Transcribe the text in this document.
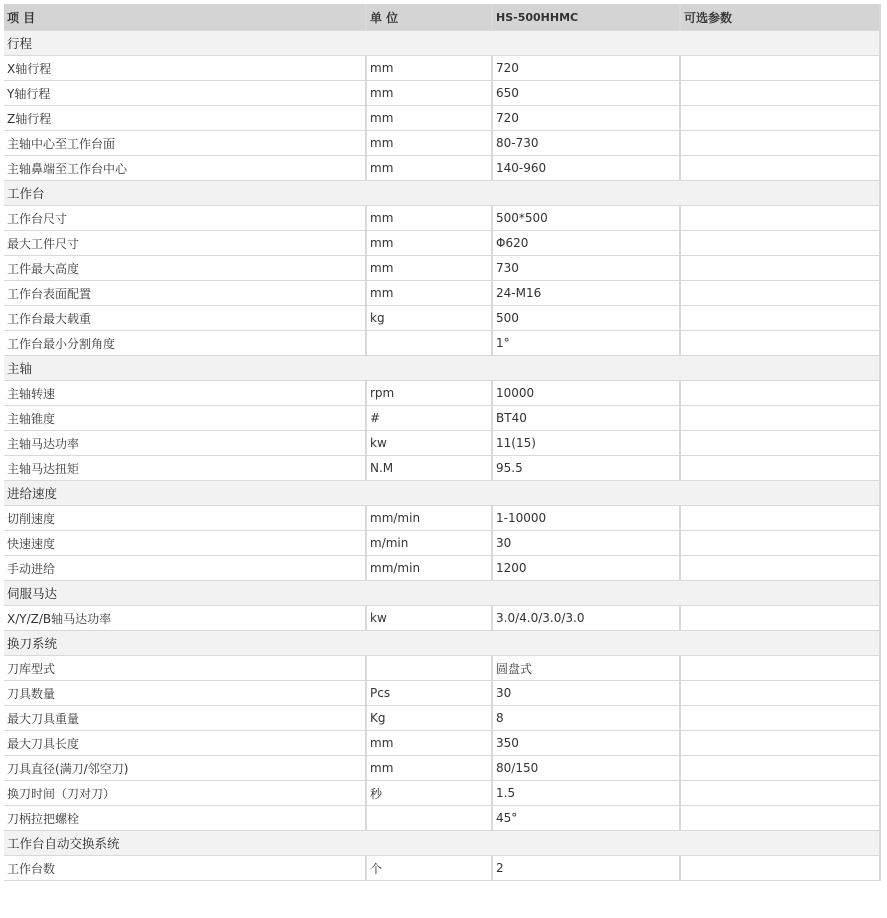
项 目	单 位	HS-500HHMC	可选参数
行程			
X轴行程	mm	720	
Y轴行程	mm	650	
Z轴行程	mm	720	
主轴中心至工作台面	mm	80-730	
主轴鼻端至工作台中心	mm	140-960	
工作台			
工作台尺寸	mm	500*500	
最大工件尺寸	mm	Φ620	
工件最大高度	mm	730	
工作台表面配置	mm	24-M16	
工作台最大载重	kg	500	
工作台最小分割角度		1°	
主轴			
主轴转速	rpm	10000	
主轴锥度	#	BT40	
主轴马达功率	kw	11(15)	
主轴马达扭矩	N.M	95.5	
进给速度			
切削速度	mm/min	1-10000	
快速速度	m/min	30	
手动进给	mm/min	1200	
伺服马达			
X/Y/Z/B轴马达功率	kw	3.0/4.0/3.0/3.0	
换刀系统			
刀库型式		圆盘式	
刀具数量	Pcs	30	
最大刀具重量	Kg	8	
最大刀具长度	mm	350	
刀具直径(满刀/邻空刀)	mm	80/150	
换刀时间（刀对刀）	秒	1.5	
刀柄拉把螺栓		45°	
工作台自动交换系统			
工作台数	个	2	
